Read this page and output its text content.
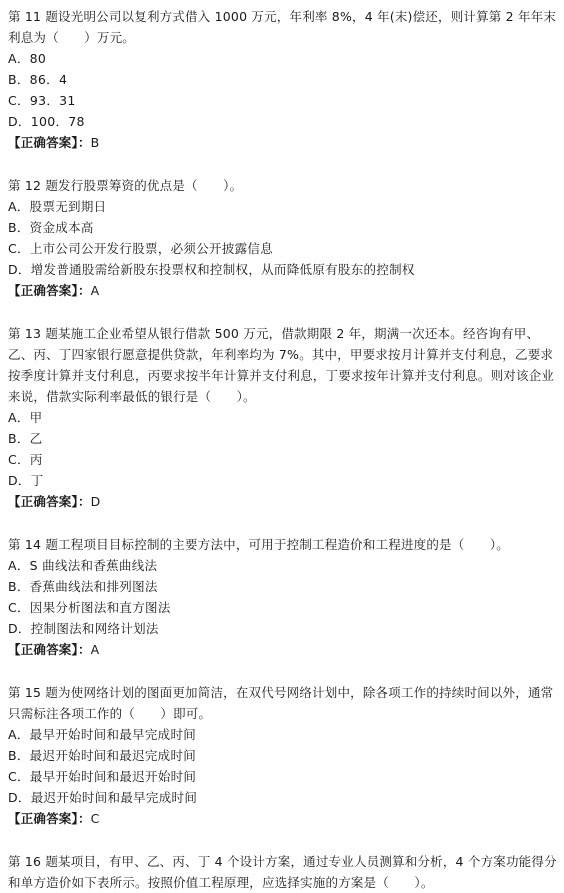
第 11 题设光明公司以复利方式借入 1000 万元，年利率 8%，4 年(末)偿还，则计算第 2 年年末利息为（　　）万元。

A．80

B．86．4

C．93．31

D．100．78

【正确答案】：B

第 12 题发行股票筹资的优点是（　　）。

A．股票无到期日

B．资金成本高

C．上市公司公开发行股票，必须公开披露信息

D．增发普通股需给新股东投票权和控制权，从而降低原有股东的控制权

【正确答案】：A

第 13 题某施工企业希望从银行借款 500 万元，借款期限 2 年，期满一次还本。经咨询有甲、乙、丙、丁四家银行愿意提供贷款，年利率均为 7%。其中，甲要求按月计算并支付利息，乙要求按季度计算并支付利息，丙要求按半年计算并支付利息，丁要求按年计算并支付利息。则对该企业来说，借款实际利率最低的银行是（　　）。

A．甲

B．乙

C．丙

D．丁

【正确答案】：D

第 14 题工程项目目标控制的主要方法中，可用于控制工程造价和工程进度的是（　　）。

A．S 曲线法和香蕉曲线法

B．香蕉曲线法和排列图法

C．因果分析图法和直方图法

D．控制图法和网络计划法

【正确答案】：A

第 15 题为使网络计划的图面更加简洁，在双代号网络计划中，除各项工作的持续时间以外，通常只需标注各项工作的（　　）即可。

A．最早开始时间和最早完成时间

B．最迟开始时间和最迟完成时间

C．最早开始时间和最迟开始时间

D．最迟开始时间和最早完成时间

【正确答案】：C

第 16 题某项目，有甲、乙、丙、丁 4 个设计方案，通过专业人员测算和分析，4 个方案功能得分和单方造价如下表所示。按照价值工程原理，应选择实施的方案是（　　）。
